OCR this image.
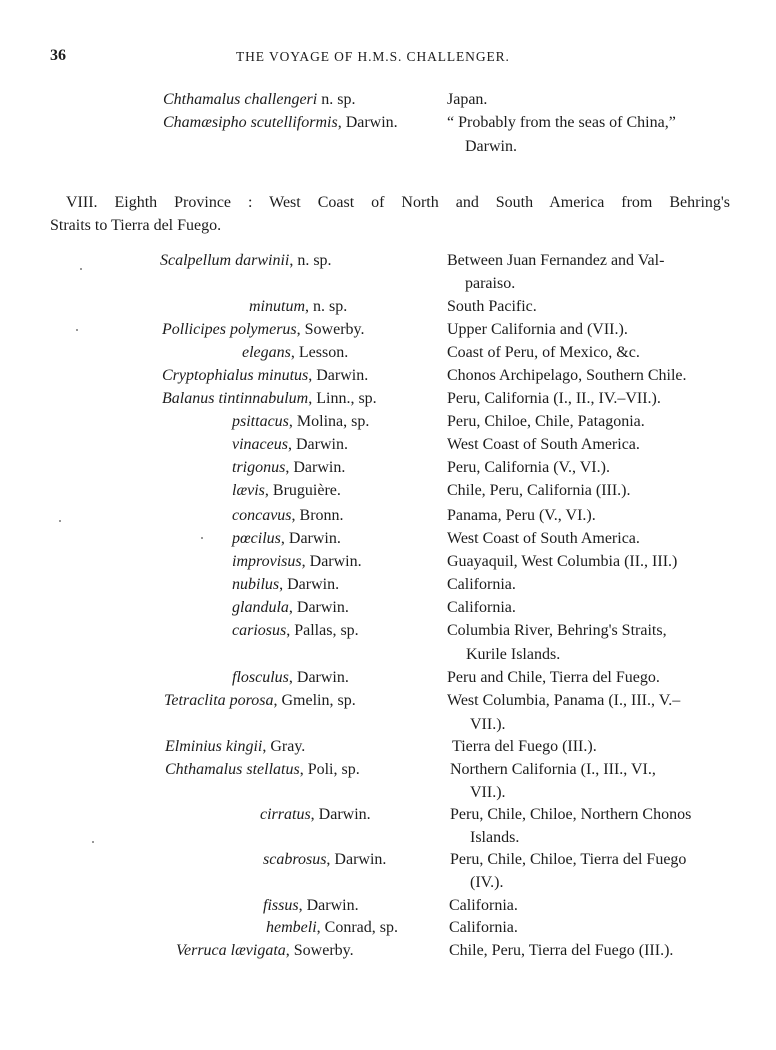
36	THE VOYAGE OF H.M.S. CHALLENGER.
Chthamalus challengeri n. sp.	Japan.
Chamæsipho scutelliformis, Darwin.	“ Probably from the seas of China,”
Darwin.
VIII. Eighth Province : West Coast of North and South America from Behring's
Straits to Tierra del Fuego.
Scalpellum darwinii, n. sp.	Between Juan Fernandez and Val-
paraiso.
minutum, n. sp.	South Pacific.
Pollicipes polymerus, Sowerby.	Upper California and (VII.).
elegans, Lesson.	Coast of Peru, of Mexico, &c.
Cryptophialus minutus, Darwin.	Chonos Archipelago, Southern Chile.
Balanus tintinnabulum, Linn., sp.	Peru, California (I., II., IV.–VII.).
psittacus, Molina, sp.	Peru, Chiloe, Chile, Patagonia.
vinaceus, Darwin.	West Coast of South America.
trigonus, Darwin.	Peru, California (V., VI.).
lævis, Bruguière.	Chile, Peru, California (III.).
concavus, Bronn.	Panama, Peru (V., VI.).
pœcilus, Darwin.	West Coast of South America.
improvisus, Darwin.	Guayaquil, West Columbia (II., III.)
nubilus, Darwin.	California.
glandula, Darwin.	California.
cariosus, Pallas, sp.	Columbia River, Behring's Straits,
Kurile Islands.
flosculus, Darwin.	Peru and Chile, Tierra del Fuego.
Tetraclita porosa, Gmelin, sp.	West Columbia, Panama (I., III., V.–
VII.).
Elminius kingii, Gray.	Tierra del Fuego (III.).
Chthamalus stellatus, Poli, sp.	Northern California (I., III., VI.,
VII.).
cirratus, Darwin.	Peru, Chile, Chiloe, Northern Chonos
Islands.
scabrosus, Darwin.	Peru, Chile, Chiloe, Tierra del Fuego
(IV.).
fissus, Darwin.	California.
hembeli, Conrad, sp.	California.
Verruca lævigata, Sowerby.	Chile, Peru, Tierra del Fuego (III.).
